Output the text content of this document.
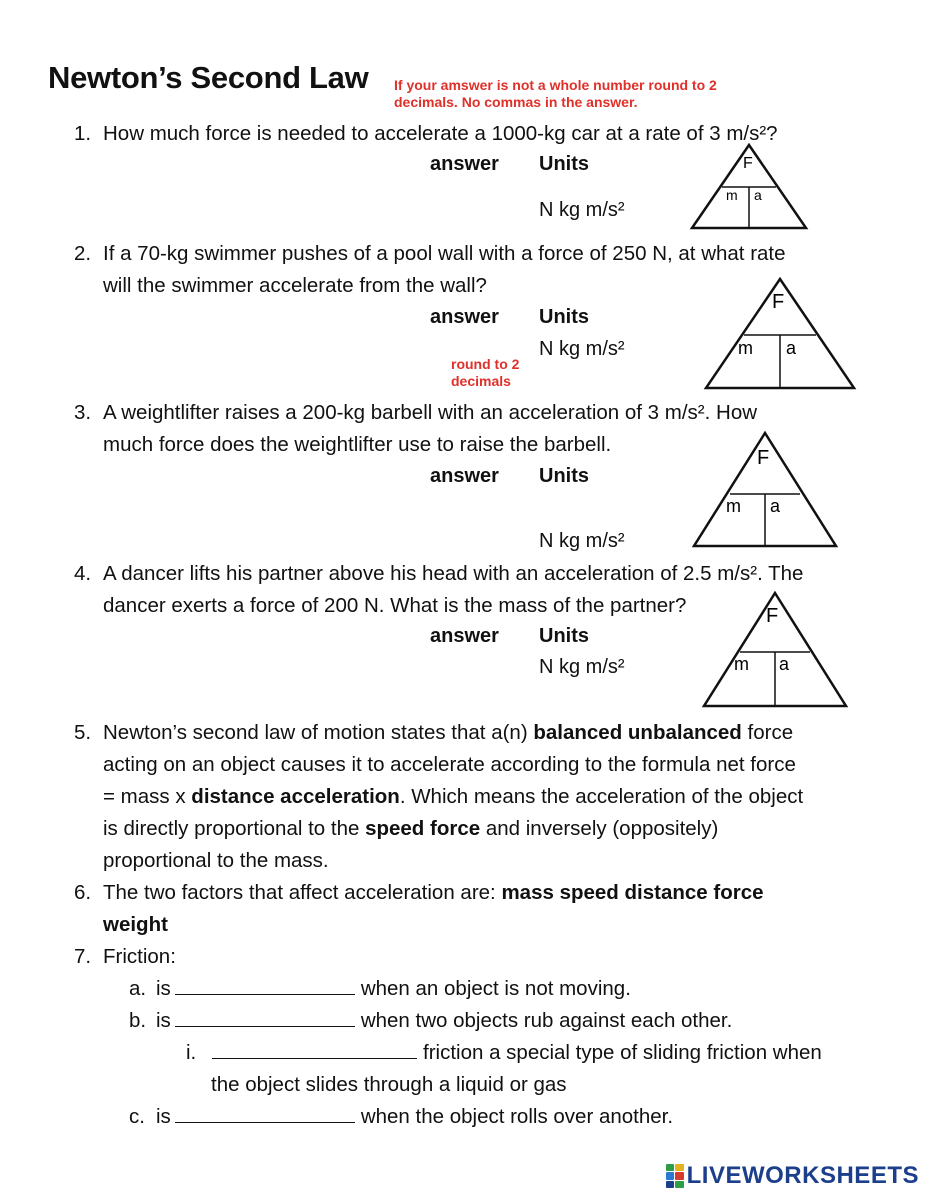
Newton’s Second Law If your amswer is not a whole number round to 2 decimals. No commas in the answer.
1. How much force is needed to accelerate a 1000-kg car at a rate of 3 m/s²?
answer Units
N kg m/s²
F
m a
2. If a 70-kg swimmer pushes of a pool wall with a force of 250 N, at what rate
will the swimmer accelerate from the wall?
answer Units
N kg m/s²
round to 2 decimals
F
m a
3. A weightlifter raises a 200-kg barbell with an acceleration of 3 m/s². How
much force does the weightlifter use to raise the barbell.
answer Units
N kg m/s²
F
m a
4. A dancer lifts his partner above his head with an acceleration of 2.5 m/s². The
dancer exerts a force of 200 N. What is the mass of the partner?
answer Units
N kg m/s²
F
m a
5. Newton’s second law of motion states that a(n) balanced unbalanced force
acting on an object causes it to accelerate according to the formula net force
= mass x distance acceleration. Which means the acceleration of the object
is directly proportional to the speed force and inversely (oppositely)
proportional to the mass.
6. The two factors that affect acceleration are: mass speed distance force
weight
7. Friction:
a. is	when an object is not moving.
b. is	when two objects rub against each other.
i.	friction a special type of sliding friction when
the object slides through a liquid or gas
c. is	when the object rolls over another.
LIVEWORKSHEETS
